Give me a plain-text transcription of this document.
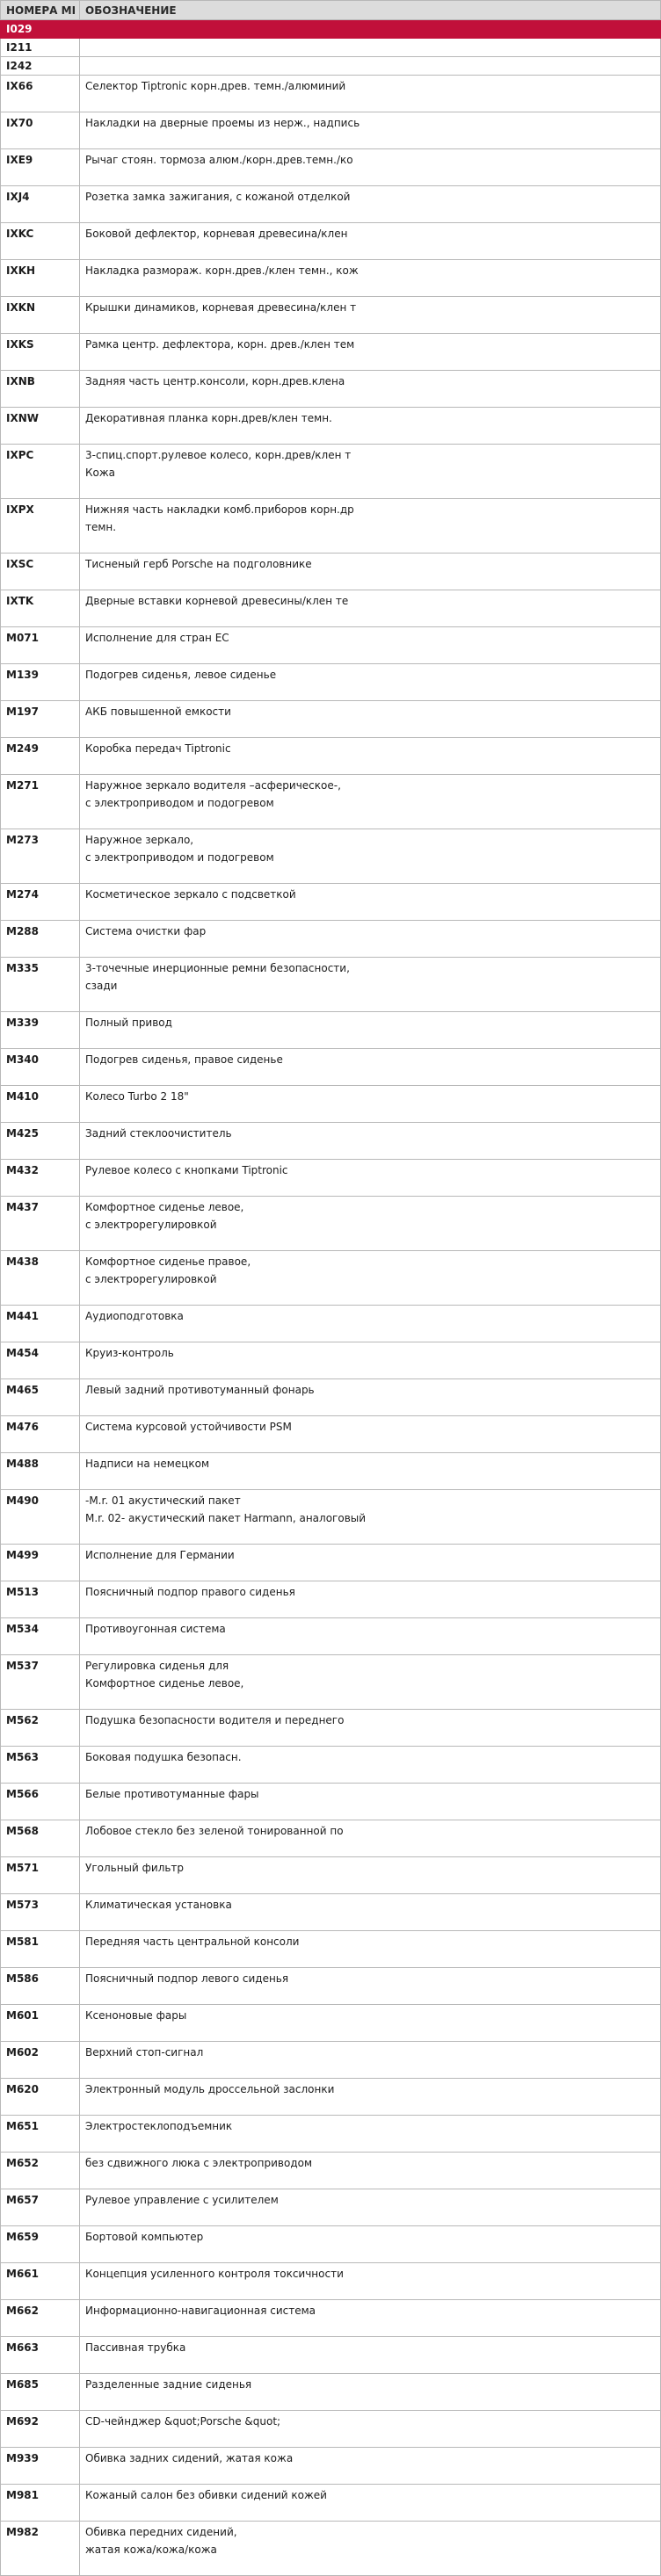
НОМЕРА МI	ОБОЗНАЧЕНИЕ
I029	
I211	
I242	
IX66	Селектор Tiptronic корн.древ. темн./алюминий

IX70	Накладки на дверные проемы из нерж., надпись

IXE9	Рычаг стоян. тормоза алюм./корн.древ.темн./ко

IXJ4	Розетка замка зажигания, с кожаной отделкой

IXKC	Боковой дефлектор, корневая древесина/клен

IXKH	Накладка размораж. корн.древ./клен темн., кож

IXKN	Крышки динамиков, корневая древесина/клен т

IXKS	Рамка центр. дефлектора, корн. древ./клен тем

IXNB	Задняя часть центр.консоли, корн.древ.клена

IXNW	Декоративная планка корн.древ/клен темн.

IXPC	3-спиц.спорт.рулевое колесо, корн.древ/клен т
Кожа

IXPX	Нижняя часть накладки комб.приборов корн.др
темн.

IXSC	Тисненый герб Porsche на подголовнике

IXTK	Дверные вставки корневой древесины/клен те

M071	Исполнение для стран ЕС

M139	Подогрев сиденья, левое сиденье

M197	АКБ повышенной емкости

M249	Коробка передач Tiptronic

M271	Наружное зеркало водителя –асферическое-,
с электроприводом и подогревом

M273	Наружное зеркало,
с электроприводом и подогревом

M274	Косметическое зеркало с подсветкой

M288	Система очистки фар

M335	3-точечные инерционные ремни безопасности,
сзади

M339	Полный привод

M340	Подогрев сиденья, правое сиденье

M410	Колесо Turbo 2 18"

M425	Задний стеклоочиститель

M432	Рулевое колесо с кнопками Tiptronic

M437	Комфортное сиденье левое,
с электрорегулировкой

M438	Комфортное сиденье правое,
с электрорегулировкой

M441	Аудиоподготовка

M454	Круиз-контроль

M465	Левый задний противотуманный фонарь

M476	Система курсовой устойчивости PSM

M488	Надписи на немецком

M490	-M.r. 01 акустический пакет
M.r. 02- акустический пакет Harmann, аналоговый

M499	Исполнение для Германии

M513	Поясничный подпор правого сиденья

M534	Противоугонная система

M537	Регулировка сиденья для
Комфортное сиденье левое,

M562	Подушка безопасности водителя и переднего

M563	Боковая подушка безопасн.

M566	Белые противотуманные фары

M568	Лобовое стекло без зеленой тонированной по

M571	Угольный фильтр

M573	Климатическая установка

M581	Передняя часть центральной консоли

M586	Поясничный подпор левого сиденья

M601	Ксеноновые фары

M602	Верхний стоп-сигнал

M620	Электронный модуль дроссельной заслонки

M651	Электростеклоподъемник

M652	без сдвижного люка с электроприводом

M657	Рулевое управление с усилителем

M659	Бортовой компьютер

M661	Концепция усиленного контроля токсичности

M662	Информационно-навигационная система

M663	Пассивная трубка

M685	Разделенные задние сиденья

M692	CD-чейнджер &quot;Porsche &quot;

M939	Обивка задних сидений, жатая кожа

M981	Кожаный салон без обивки сидений кожей

M982	Обивка передних сидений,
жатая кожа/кожа/кожа
